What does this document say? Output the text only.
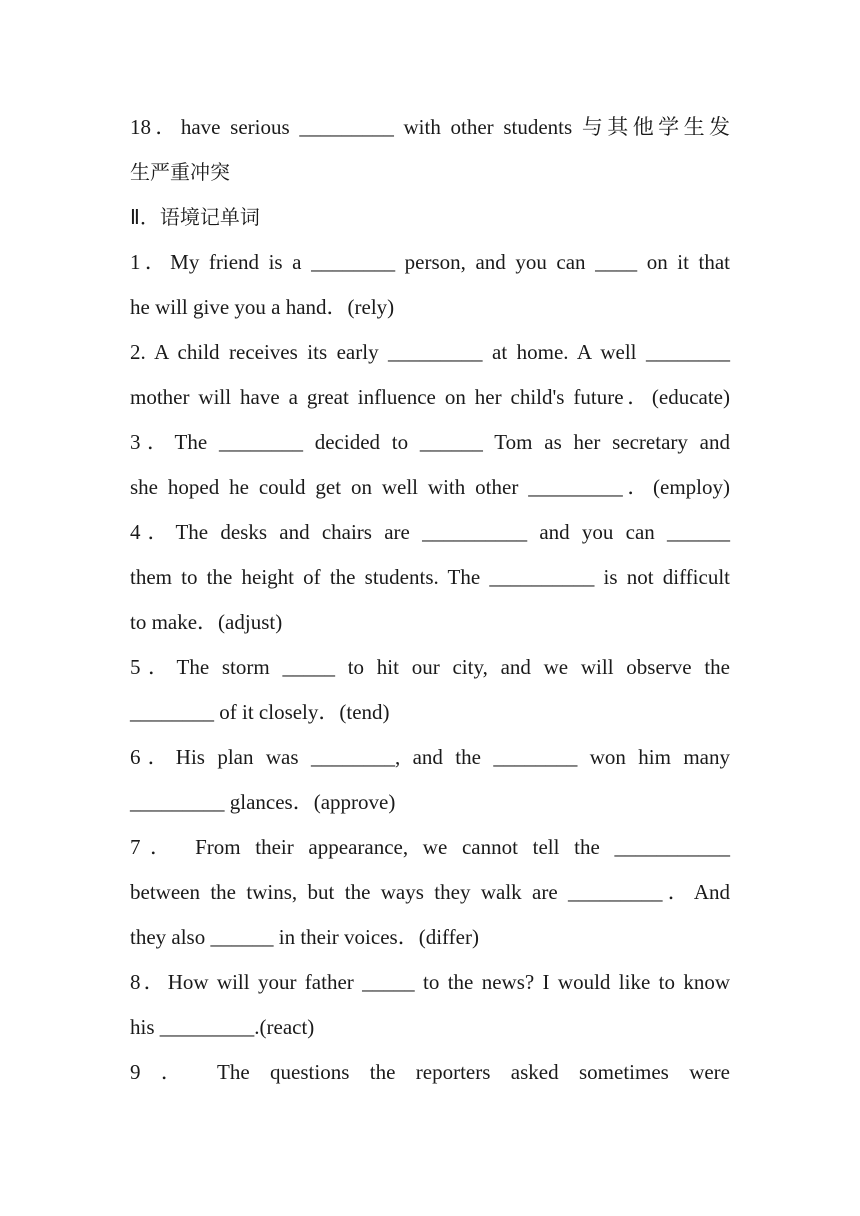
18．have serious _________ with other students 与其他学生发
生严重冲突
Ⅱ．语境记单词
1．My friend is a ________ person, and you can ____ on it that
he will give you a hand．(rely)
2. A child receives its early _________ at home. A well ________
mother will have a great influence on her child's future．(educate)
3．The ________ decided to ______ Tom as her secretary and
she hoped he could get on well with other _________．(employ)
4．The desks and chairs are __________ and you can ______
them to the height of the students. The __________ is not difficult
to make．(adjust)
5．The storm _____ to hit our city, and we will observe the
________ of it closely．(tend)
6．His plan was ________, and the ________ won him many
_________ glances．(approve)
7． From their appearance, we cannot tell the ___________
between the twins, but the ways they walk are _________．And
they also ______ in their voices．(differ)
8．How will your father _____ to the news? I would like to know
his _________.(react)
9 ． The questions the reporters asked sometimes were
